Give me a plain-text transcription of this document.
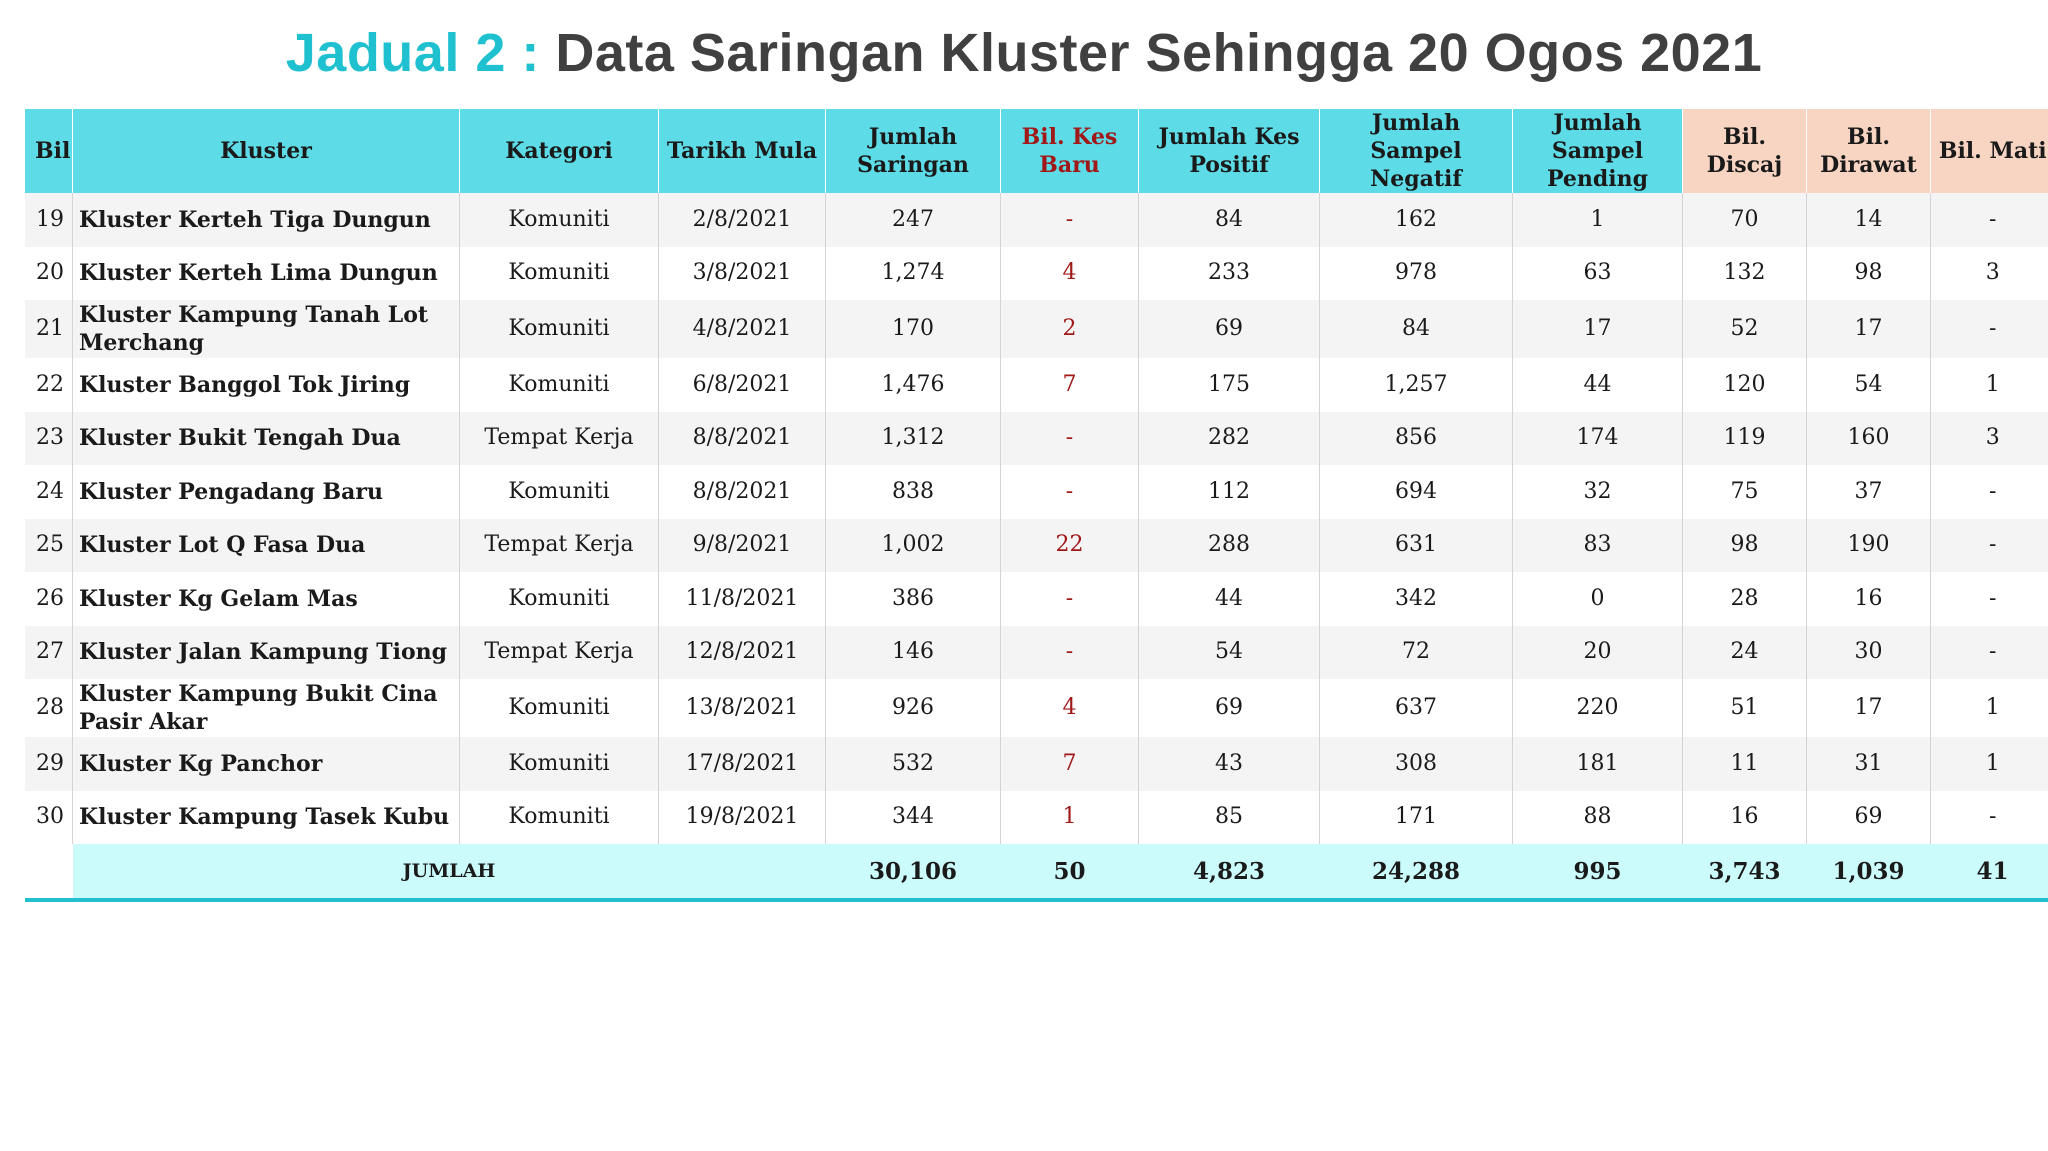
Jadual 2 : Data Saringan Kluster Sehingga 20 Ogos 2021
Bil	Kluster	Kategori	Tarikh Mula	Jumlah Saringan	Bil. Kes Baru	Jumlah Kes Positif	Jumlah Sampel Negatif	Jumlah Sampel Pending	Bil. Discaj	Bil. Dirawat	Bil. Mati
19	Kluster Kerteh Tiga Dungun	Komuniti	2/8/2021	247	-	84	162	1	70	14	-
20	Kluster Kerteh Lima Dungun	Komuniti	3/8/2021	1,274	4	233	978	63	132	98	3
21	Kluster Kampung Tanah Lot Merchang	Komuniti	4/8/2021	170	2	69	84	17	52	17	-
22	Kluster Banggol Tok Jiring	Komuniti	6/8/2021	1,476	7	175	1,257	44	120	54	1
23	Kluster Bukit Tengah Dua	Tempat Kerja	8/8/2021	1,312	-	282	856	174	119	160	3
24	Kluster Pengadang Baru	Komuniti	8/8/2021	838	-	112	694	32	75	37	-
25	Kluster Lot Q Fasa Dua	Tempat Kerja	9/8/2021	1,002	22	288	631	83	98	190	-
26	Kluster Kg Gelam Mas	Komuniti	11/8/2021	386	-	44	342	0	28	16	-
27	Kluster Jalan Kampung Tiong	Tempat Kerja	12/8/2021	146	-	54	72	20	24	30	-
28	Kluster Kampung Bukit Cina Pasir Akar	Komuniti	13/8/2021	926	4	69	637	220	51	17	1
29	Kluster Kg Panchor	Komuniti	17/8/2021	532	7	43	308	181	11	31	1
30	Kluster Kampung Tasek Kubu	Komuniti	19/8/2021	344	1	85	171	88	16	69	-
	JUMLAH			30,106	50	4,823	24,288	995	3,743	1,039	41
